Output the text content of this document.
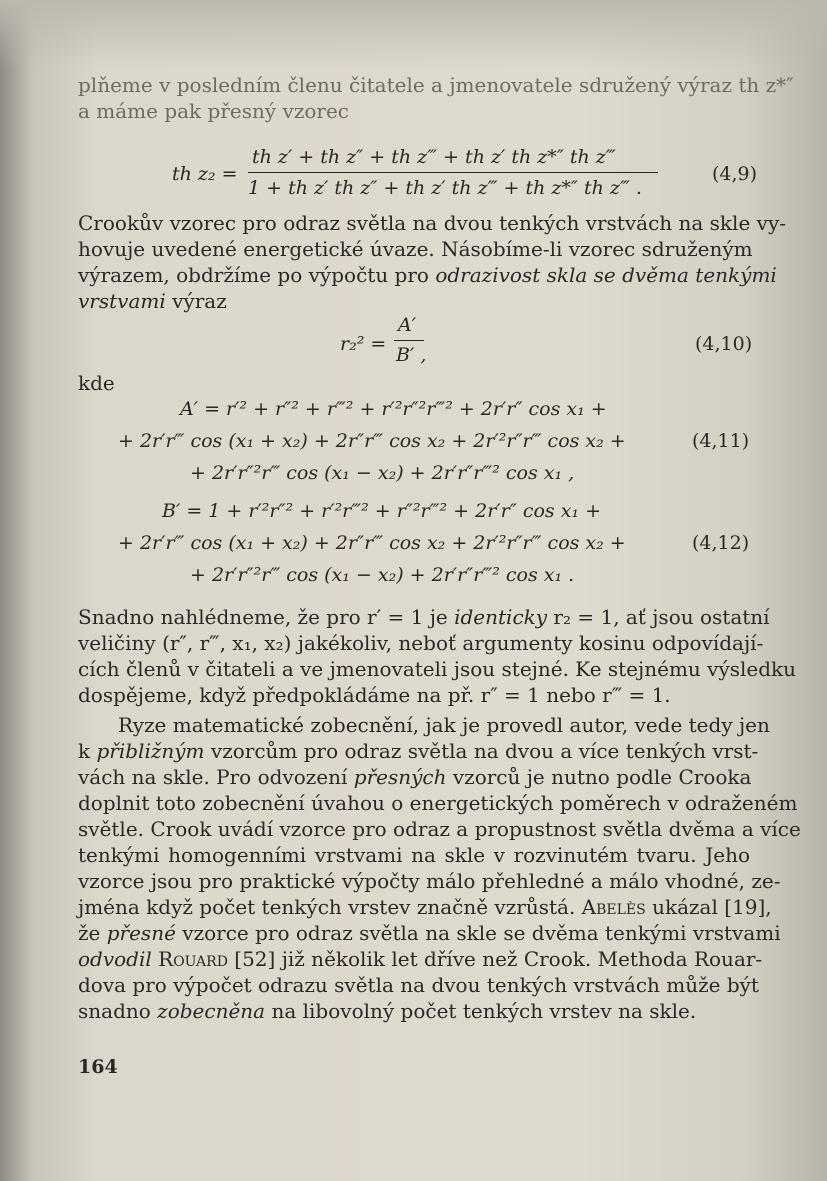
plňeme v posledním členu čitatele a jmenovatele sdružený výraz th z*″
a máme pak přesný vzorec
th z₂ =
th z′ + th z″ + th z‴ + th z′ th z*″ th z‴
1 + th z′ th z″ + th z′ th z‴ + th z*″ th z‴ .
(4,9)
Crookův vzorec pro odraz světla na dvou tenkých vrstvách na skle vy-
hovuje uvedené energetické úvaze. Násobíme-li vzorec sdruženým
výrazem, obdržíme po výpočtu pro odrazivost skla se dvěma tenkými
vrstvami výraz
r₂² =
A′
B′ ,	(4,10)
kde
A′ = r′² + r″² + r‴² + r′²r″²r‴² + 2r′r″ cos x₁ +
+ 2r′r‴ cos (x₁ + x₂) + 2r″r‴ cos x₂ + 2r′²r″r‴ cos x₂ +
+ 2r′r″²r‴ cos (x₁ − x₂) + 2r′r″r‴² cos x₁ ,
(4,11)
B′ = 1 + r′²r″² + r′²r‴² + r″²r‴² + 2r′r″ cos x₁ +
+ 2r′r‴ cos (x₁ + x₂) + 2r″r‴ cos x₂ + 2r′²r″r‴ cos x₂ +
+ 2r′r″²r‴ cos (x₁ − x₂) + 2r′r″r‴² cos x₁ .
(4,12)
Snadno nahlédneme, že pro r′ = 1 je identicky r₂ = 1, ať jsou ostatní
veličiny (r″, r‴, x₁, x₂) jakékoliv, neboť argumenty kosinu odpovídají-
cích členů v čitateli a ve jmenovateli jsou stejné. Ke stejnému výsledku
dospějeme, když předpokládáme na př. r″ = 1 nebo r‴ = 1.
Ryze matematické zobecnění, jak je provedl autor, vede tedy jen
k přibližným vzorcům pro odraz světla na dvou a více tenkých vrst-
vách na skle. Pro odvození přesných vzorců je nutno podle Crooka
doplnit toto zobecnění úvahou o energetických poměrech v odraženém
světle. Crook uvádí vzorce pro odraz a propustnost světla dvěma a více
tenkými homogenními vrstvami na skle v rozvinutém tvaru. Jeho
vzorce jsou pro praktické výpočty málo přehledné a málo vhodné, ze-
jména když počet tenkých vrstev značně vzrůstá. Abelès ukázal [19],
že přesné vzorce pro odraz světla na skle se dvěma tenkými vrstvami
odvodil Rouard [52] již několik let dříve než Crook. Methoda Rouar-
dova pro výpočet odrazu světla na dvou tenkých vrstvách může být
snadno zobecněna na libovolný počet tenkých vrstev na skle.
164
